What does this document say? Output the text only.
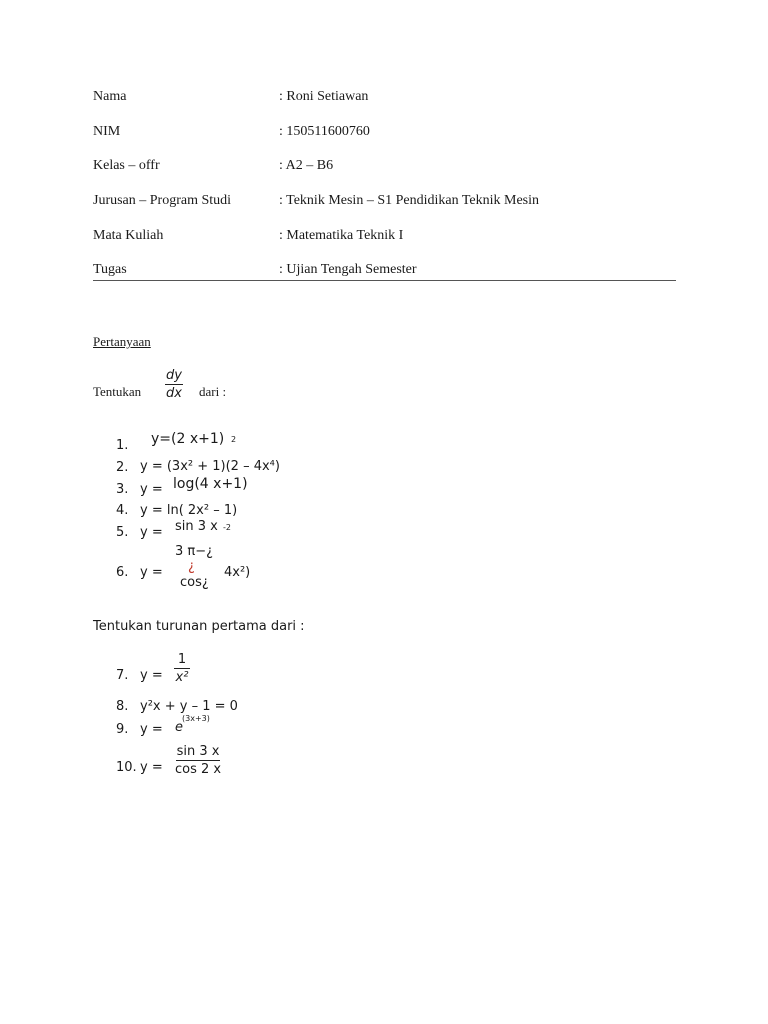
Nama	: Roni Setiawan
NIM	: 150511600760
Kelas – offr	: A2 – B6
Jurusan – Program Studi	: Teknik Mesin – S1 Pendidikan Teknik Mesin
Mata Kuliah	: Matematika Teknik I
Tugas	: Ujian Tengah Semester
Pertanyaan
Tentukan
dy
dx dari :
1. y=(2 x+1) 2
2. y = (3x² + 1)(2 – 4x⁴)
3. y = log(4 x+1)
4. y = ln( 2x² – 1)
5. y = sin 3 x -2
6. y =
3 π−¿
¿
cos¿
4x²)
Tentukan turunan pertama dari :
7. y =
1
x²
8. y²x + y – 1 = 0
9. y = e
(3x+3)
10. y =
sin 3 x
cos 2 x
